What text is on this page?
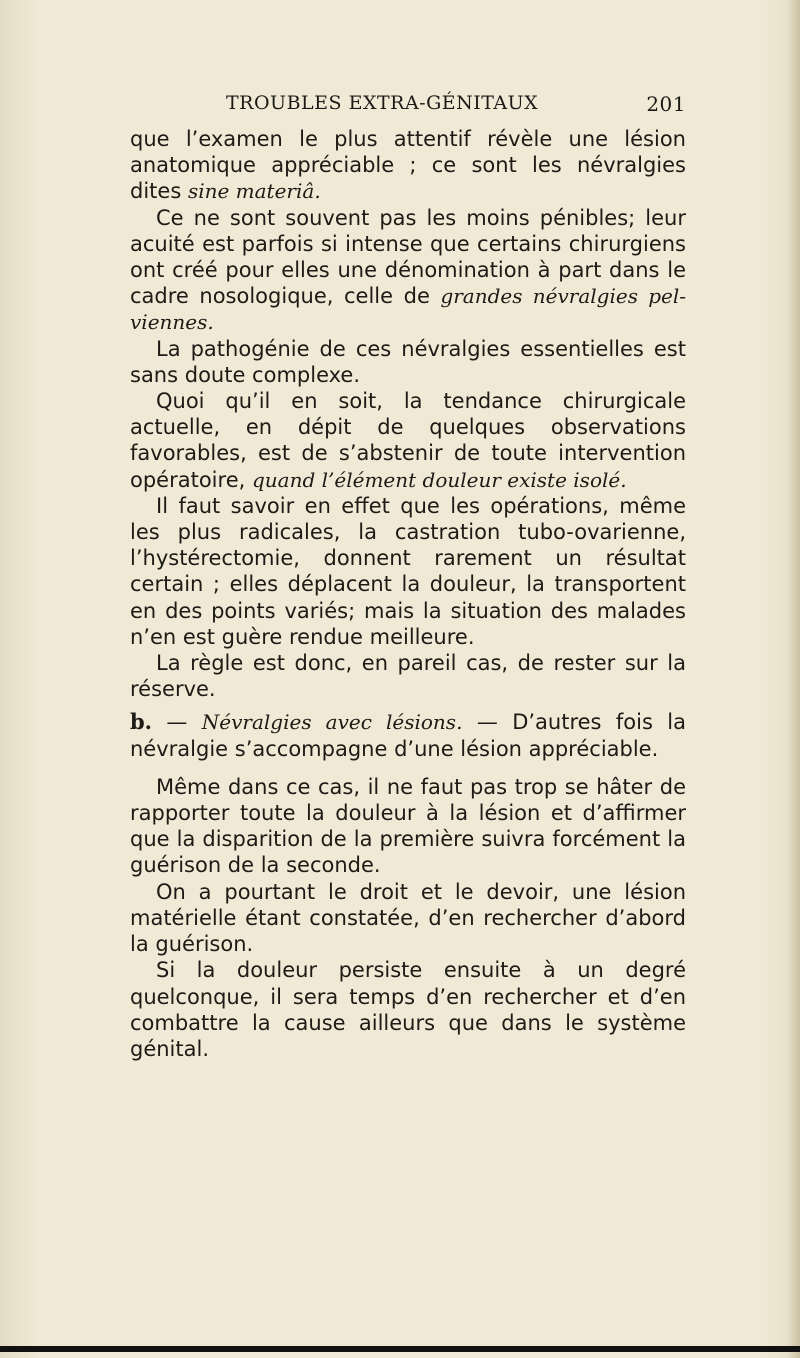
TROUBLES EXTRA-GÉNITAUX	201

que l’examen le plus attentif révèle une lésion anatomique appréciable ; ce sont les névralgies dites sine materiâ.

Ce ne sont souvent pas les moins pénibles; leur acuité est parfois si intense que certains chirurgiens ont créé pour elles une dénomination à part dans le cadre nosologique, celle de grandes névralgies pelviennes.

La pathogénie de ces névralgies essentielles est sans doute complexe.

Quoi qu’il en soit, la tendance chirurgicale actuelle, en dépit de quelques observations favorables, est de s’abstenir de toute intervention opératoire, quand l’élément douleur existe isolé.

Il faut savoir en effet que les opérations, même les plus radicales, la castration tubo-ovarienne, l’hystérectomie, donnent rarement un résultat certain ; elles déplacent la douleur, la transportent en des points variés; mais la situation des malades n’en est guère rendue meilleure.

La règle est donc, en pareil cas, de rester sur la réserve.

b. — Névralgies avec lésions. — D’autres fois la névralgie s’accompagne d’une lésion appréciable.

Même dans ce cas, il ne faut pas trop se hâter de rapporter toute la douleur à la lésion et d’affirmer que la disparition de la première suivra forcément la guérison de la seconde.

On a pourtant le droit et le devoir, une lésion matérielle étant constatée, d’en rechercher d’abord la guérison.

Si la douleur persiste ensuite à un degré quelconque, il sera temps d’en rechercher et d’en combattre la cause ailleurs que dans le système génital.
